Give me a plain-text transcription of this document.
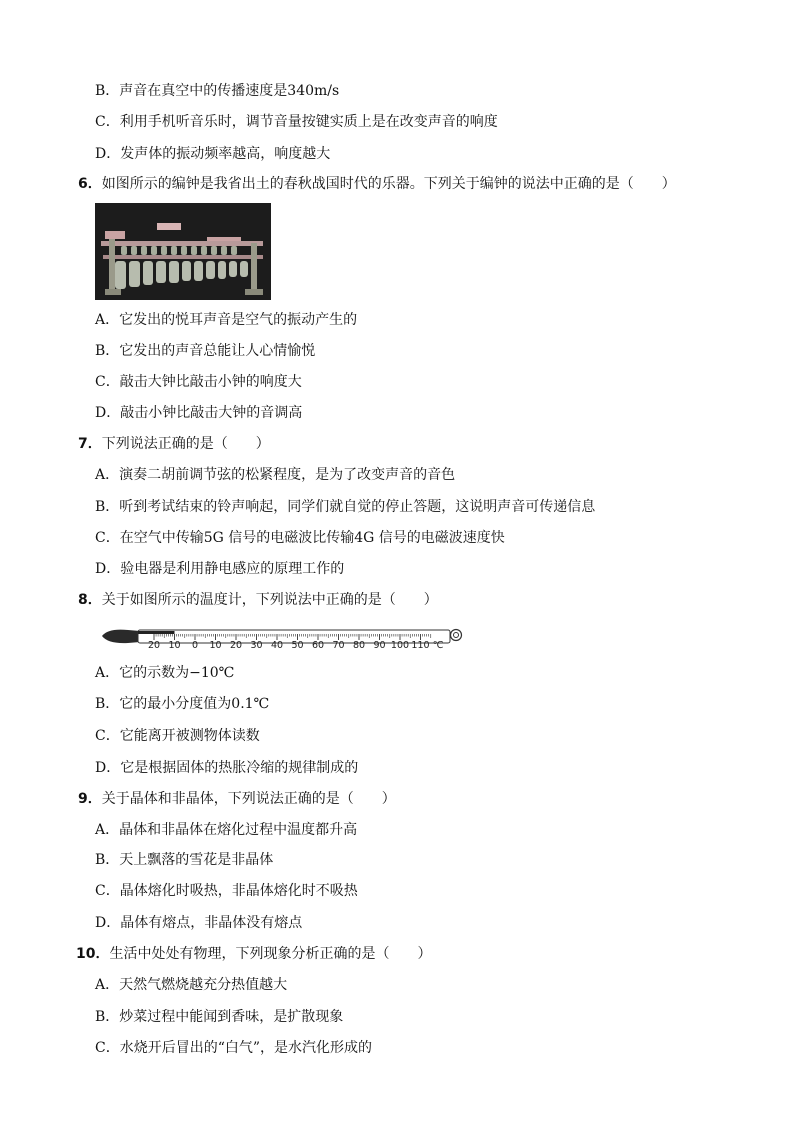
B．声音在真空中的传播速度是340m/s
C．利用手机听音乐时，调节音量按键实质上是在改变声音的响度
D．发声体的振动频率越高，响度越大
6．如图所示的编钟是我省出土的春秋战国时代的乐器。下列关于编钟的说法中正确的是（　　）
A．它发出的悦耳声音是空气的振动产生的
B．它发出的声音总能让人心情愉悦
C．敲击大钟比敲击小钟的响度大
D．敲击小钟比敲击大钟的音调高
7．下列说法正确的是（　　）
A．演奏二胡前调节弦的松紧程度，是为了改变声音的音色
B．听到考试结束的铃声响起，同学们就自觉的停止答题，这说明声音可传递信息
C．在空气中传输5G 信号的电磁波比传输4G 信号的电磁波速度快
D．验电器是利用静电感应的原理工作的
8．关于如图所示的温度计，下列说法中正确的是（　　）
20 10 0 10 20 30 40 50 60 70 80 90 100 110 ℃
A．它的示数为−10℃
B．它的最小分度值为0.1℃
C．它能离开被测物体读数
D．它是根据固体的热胀冷缩的规律制成的
9．关于晶体和非晶体，下列说法正确的是（　　）
A．晶体和非晶体在熔化过程中温度都升高
B．天上飘落的雪花是非晶体
C．晶体熔化时吸热，非晶体熔化时不吸热
D．晶体有熔点，非晶体没有熔点
10．生活中处处有物理，下列现象分析正确的是（　　）
A．天然气燃烧越充分热值越大
B．炒菜过程中能闻到香味，是扩散现象
C．水烧开后冒出的“白气”，是水汽化形成的
